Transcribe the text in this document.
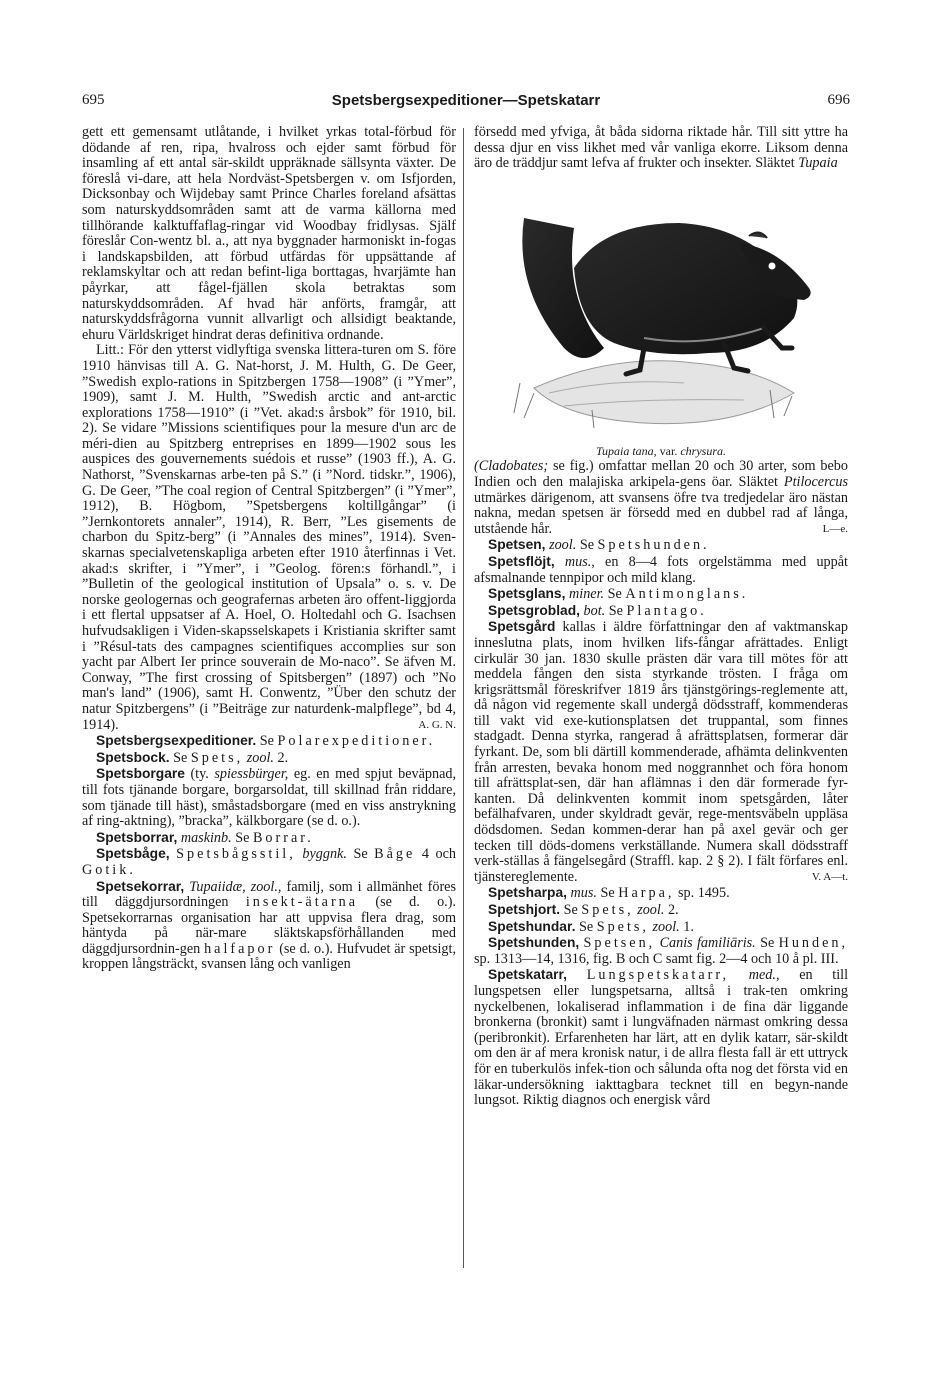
695	Spetsbergsexpeditioner—Spetskatarr	696

gett ett gemensamt utlåtande, i hvilket yrkas total-förbud för dödande af ren, ripa, hvalross och ejder samt förbud för insamling af ett antal sär-skildt uppräknade sällsynta växter. De föreslå vi-dare, att hela Nordväst-Spetsbergen v. om Isfjorden, Dicksonbay och Wijdebay samt Prince Charles foreland afsättas som naturskyddsområden samt att de varma källorna med tillhörande kalktuffaflag-ringar vid Woodbay fridlysas. Själf föreslår Con-wentz bl. a., att nya byggnader harmoniskt in-fogas i landskapsbilden, att förbud utfärdas för uppsättande af reklamskyltar och att redan befint-liga borttagas, hvarjämte han påyrkar, att fågel-fjällen skola betraktas som naturskyddsområden. Af hvad här anförts, framgår, att naturskyddsfrågorna vunnit allvarligt och allsidigt beaktande, ehuru Världskriget hindrat deras definitiva ordnande.

Litt.: För den ytterst vidlyftiga svenska littera-turen om S. före 1910 hänvisas till A. G. Nat-horst, J. M. Hulth, G. De Geer, ”Swedish explo-rations in Spitzbergen 1758—1908” (i ”Ymer”, 1909), samt J. M. Hulth, ”Swedish arctic and ant-arctic explorations 1758—1910” (i ”Vet. akad:s årsbok” för 1910, bil. 2). Se vidare ”Missions scientifiques pour la mesure d'un arc de méri-dien au Spitzberg entreprises en 1899—1902 sous les auspices des gouvernements suédois et russe” (1903 ff.), A. G. Nathorst, ”Svenskarnas arbe-ten på S.” (i ”Nord. tidskr.”, 1906), G. De Geer, ”The coal region of Central Spitzbergen” (i ”Ymer”, 1912), B. Högbom, ”Spetsbergens koltillgångar” (i ”Jernkontorets annaler”, 1914), R. Berr, ”Les gisements de charbon du Spitz-berg” (i ”Annales des mines”, 1914). Sven-skarnas specialvetenskapliga arbeten efter 1910 återfinnas i Vet. akad:s skrifter, i ”Ymer”, i ”Geolog. fören:s förhandl.”, i ”Bulletin of the geological institution of Upsala” o. s. v. De norske geologernas och geografernas arbeten äro offent-liggjorda i ett flertal uppsatser af A. Hoel, O. Holtedahl och G. Isachsen hufvudsakligen i Viden-skapsselskapets i Kristiania skrifter samt i ”Résul-tats des campagnes scientifiques accomplies sur son yacht par Albert Ier prince souverain de Mo-naco”. Se äfven M. Conway, ”The first crossing of Spitsbergen” (1897) och ”No man's land” (1906), samt H. Conwentz, ”Über den schutz der natur Spitzbergens” (i ”Beiträge zur naturdenk-malpflege”, bd 4, 1914).	A. G. N.

Spetsbergsexpeditioner. Se Polarexpeditioner.

Spetsbock. Se Spets, zool. 2.

Spetsborgare (ty. spiessbürger, eg. en med spjut beväpnad, till fots tjänande borgare, borgarsoldat, till skillnad från riddare, som tjänade till häst), småstadsborgare (med en viss anstrykning af ring-aktning), ”bracka”, kälkborgare (se d. o.).

Spetsborrar, maskinb. Se Borrar.

Spetsbåge, Spetsbågsstil, byggnk. Se Båge 4 och Gotik.

Spetsekorrar, Tupaiidæ, zool., familj, som i allmänhet föres till däggdjursordningen insekt-ätarna (se d. o.). Spetsekorrarnas organisation har att uppvisa flera drag, som häntyda på när-mare släktskapsförhållanden med däggdjursordnin-gen halfapor (se d. o.). Hufvudet är spetsigt, kroppen långsträckt, svansen lång och vanligen

försedd med yfviga, åt båda sidorna riktade hår. Till sitt yttre ha dessa djur en viss likhet med vår vanliga ekorre. Liksom denna äro de träddjur samt lefva af frukter och insekter. Släktet Tupaia

Tupaia tana, var. chrysura.

(Cladobates; se fig.) omfattar mellan 20 och 30 arter, som bebo Indien och den malajiska arkipela-gens öar. Släktet Ptilocercus utmärkes därigenom, att svansens öfre tva tredjedelar äro nästan nakna, medan spetsen är försedd med en dubbel rad af långa, utstående hår.	L—e.

Spetsen, zool. Se Spetshunden.

Spetsflöjt, mus., en 8—4 fots orgelstämma med uppåt afsmalnande tennpipor och mild klang.

Spetsglans, miner. Se Antimonglans.

Spetsgroblad, bot. Se Plantago.

Spetsgård kallas i äldre författningar den af vaktmanskap inneslutna plats, inom hvilken lifs-fångar afrättades. Enligt cirkulär 30 jan. 1830 skulle prästen där vara till mötes för att meddela fången den sista styrkande trösten. I fråga om krigsrättsmål föreskrifver 1819 års tjänstgörings-reglemente att, då någon vid regemente skall undergå dödsstraff, kommenderas till vakt vid exe-kutionsplatsen det truppantal, som finnes stadgadt. Denna styrka, rangerad å afrättsplatsen, formerar där fyrkant. De, som bli därtill kommenderade, afhämta delinkventen från arresten, bevaka honom med noggrannhet och föra honom till afrättsplat-sen, där han aflämnas i den där formerade fyr-kanten. Då delinkventen kommit inom spetsgården, låter befälhafvaren, under skyldradt gevär, rege-mentsväbeln uppläsa dödsdomen. Sedan kommen-derar han på axel gevär och ger tecken till döds-domens verkställande. Numera skall dödsstraff verk-ställas å fängelsegård (Straffl. kap. 2 § 2). I fält förfares enl. tjänstereglemente.	V. A—t.

Spetsharpa, mus. Se Harpa, sp. 1495.

Spetshjort. Se Spets, zool. 2.

Spetshundar. Se Spets, zool. 1.

Spetshunden, Spetsen, Canis familiāris. Se Hunden, sp. 1313—14, 1316, fig. B och C samt fig. 2—4 och 10 å pl. III.

Spetskatarr, Lungspetskatarr, med., en till lungspetsen eller lungspetsarna, alltså i trak-ten omkring nyckelbenen, lokaliserad inflammation i de fina där liggande bronkerna (bronkit) samt i lungväfnaden närmast omkring dessa (peribronkit). Erfarenheten har lärt, att en dylik katarr, sär-skildt om den är af mera kronisk natur, i de allra flesta fall är ett uttryck för en tuberkulös infek-tion och sålunda ofta nog det första vid en läkar-undersökning iakttagbara tecknet till en begyn-nande lungsot. Riktig diagnos och energisk vård
